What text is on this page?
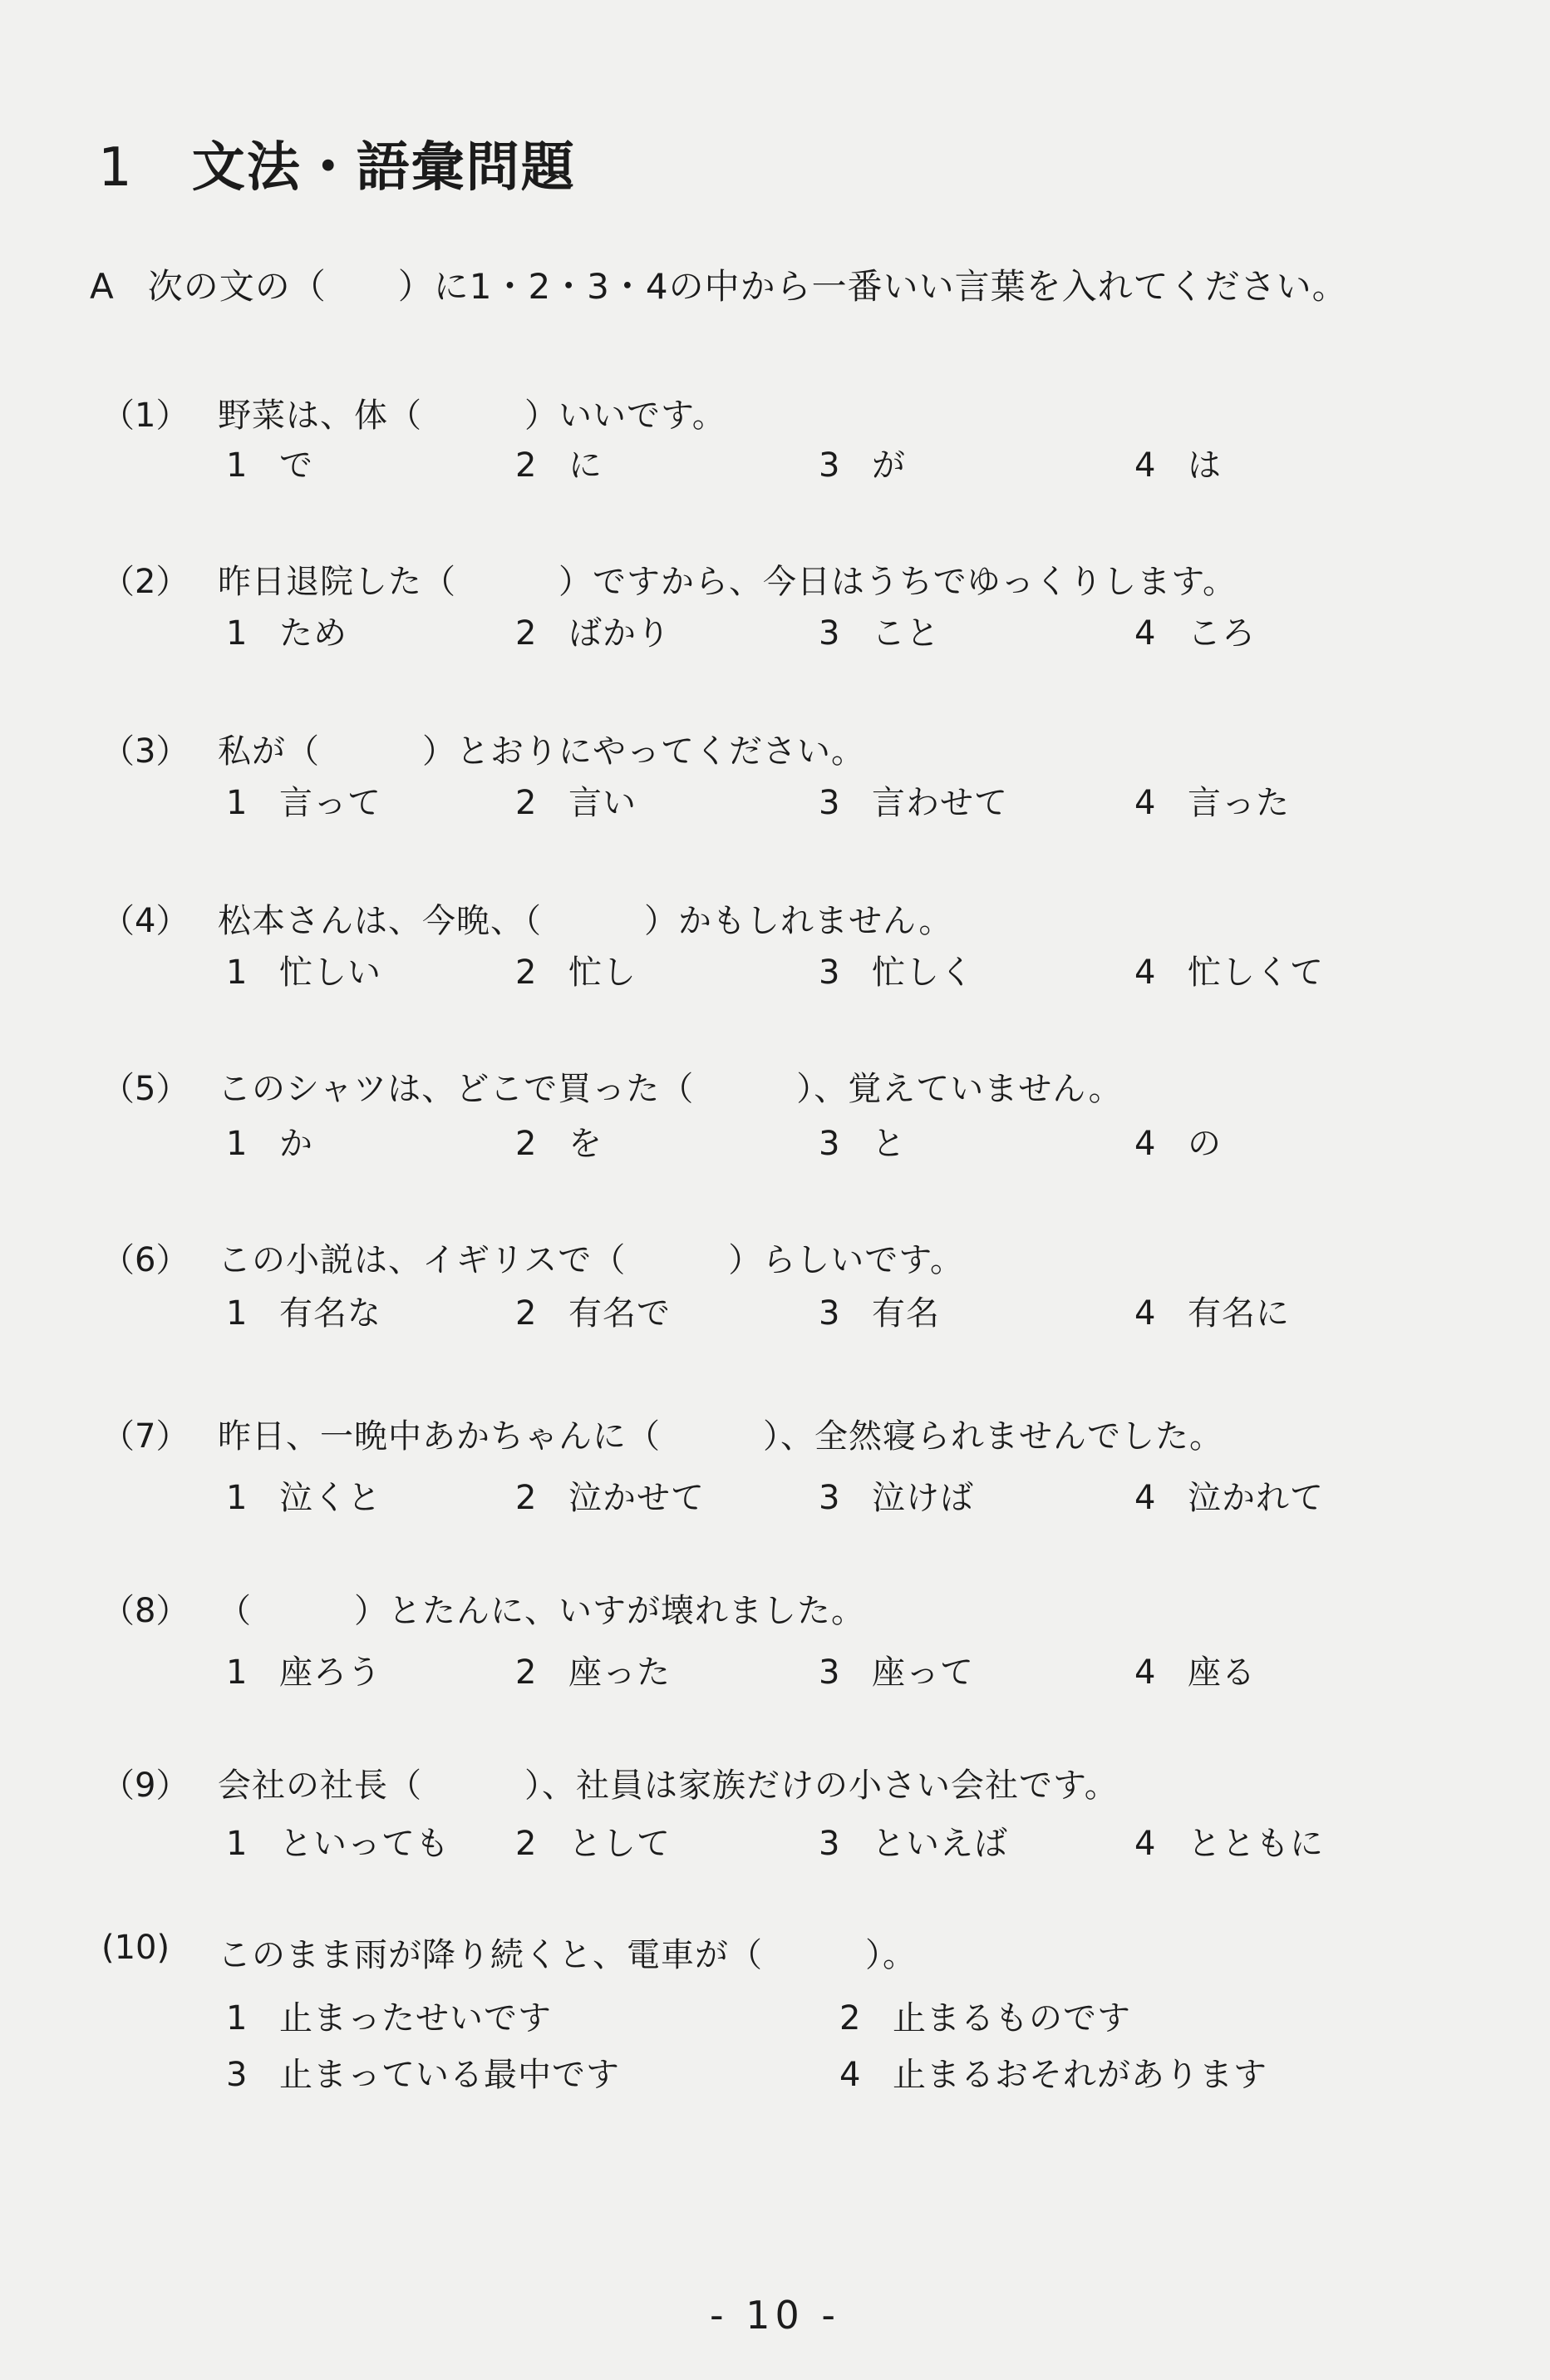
1 文法・語彙問題
A 次の文の（　　）に1・2・3・4の中から一番いい言葉を入れてください。
（1） 野菜は、体（　　　）いいです。
1 で	2 に	3 が	4 は
（2） 昨日退院した（　　　）ですから、今日はうちでゆっくりします。
1 ため	2 ばかり	3 こと	4 ころ
（3） 私が（　　　）とおりにやってください。
1 言って	2 言い	3 言わせて	4 言った
（4） 松本さんは、今晩、（　　　）かもしれません。
1 忙しい	2 忙し	3 忙しく	4 忙しくて
（5） このシャツは、どこで買った（　　　）、覚えていません。
1 か	2 を	3 と	4 の
（6） この小説は、イギリスで（　　　）らしいです。
1 有名な	2 有名で	3 有名	4 有名に
（7） 昨日、一晩中あかちゃんに（　　　）、全然寝られませんでした。
1 泣くと	2 泣かせて	3 泣けば	4 泣かれて
（8） （　　　）とたんに、いすが壊れました。
1 座ろう	2 座った	3 座って	4 座る
（9） 会社の社長（　　　）、社員は家族だけの小さい会社です。
1 といっても 2 として	3 といえば	4 とともに
(10) このまま雨が降り続くと、電車が（　　　）。
1 止まったせいです	2 止まるものです
3 止まっている最中です	4 止まるおそれがあります
- 10 -
